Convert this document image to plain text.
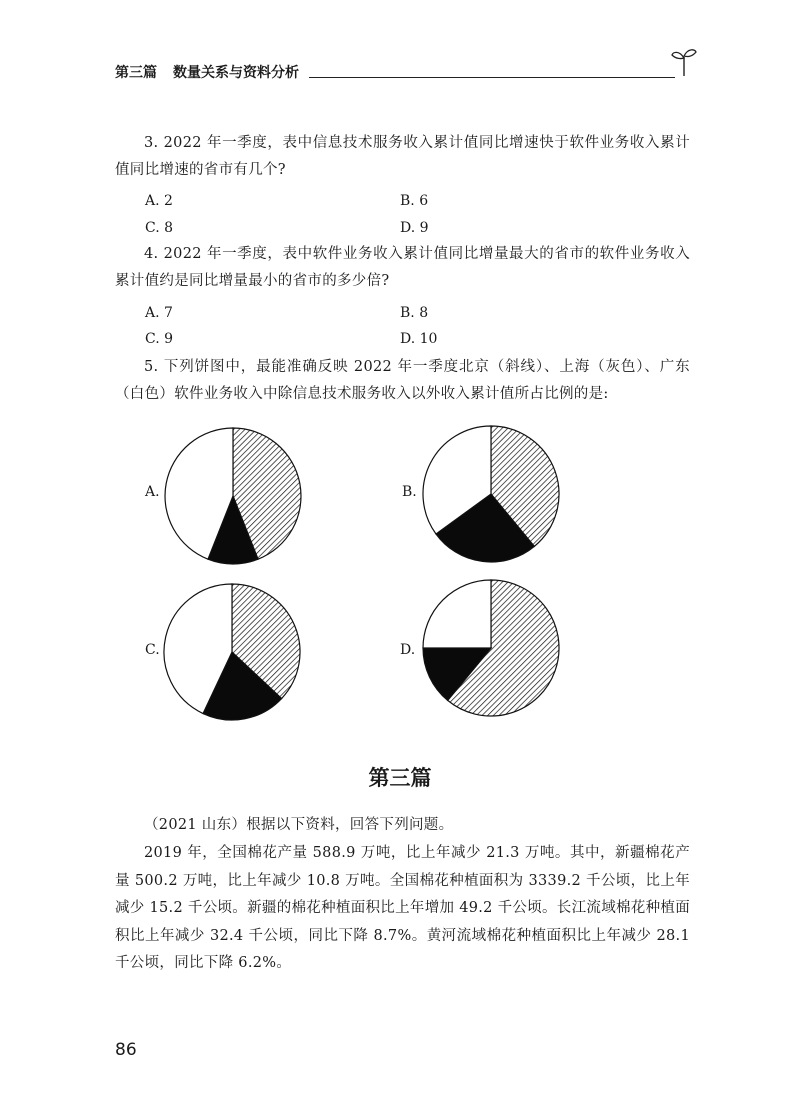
第三篇 数量关系与资料分析
3. 2022 年一季度，表中信息技术服务收入累计值同比增速快于软件业务收入累计值同比增速的省市有几个?
A. 2	B. 6
C. 8	D. 9
4. 2022 年一季度，表中软件业务收入累计值同比增量最大的省市的软件业务收入累计值约是同比增量最小的省市的多少倍?
A. 7	B. 8
C. 9	D. 10
5. 下列饼图中，最能准确反映 2022 年一季度北京（斜线）、上海（灰色）、广东（白色）软件业务收入中除信息技术服务收入以外收入累计值所占比例的是:
A.	B.
C.	D.
第三篇
（2021 山东）根据以下资料，回答下列问题。
2019 年，全国棉花产量 588.9 万吨，比上年减少 21.3 万吨。其中，新疆棉花产量 500.2 万吨，比上年减少 10.8 万吨。全国棉花种植面积为 3339.2 千公顷，比上年减少 15.2 千公顷。新疆的棉花种植面积比上年增加 49.2 千公顷。长江流域棉花种植面积比上年减少 32.4 千公顷，同比下降 8.7%。黄河流域棉花种植面积比上年减少 28.1 千公顷，同比下降 6.2%。
86
